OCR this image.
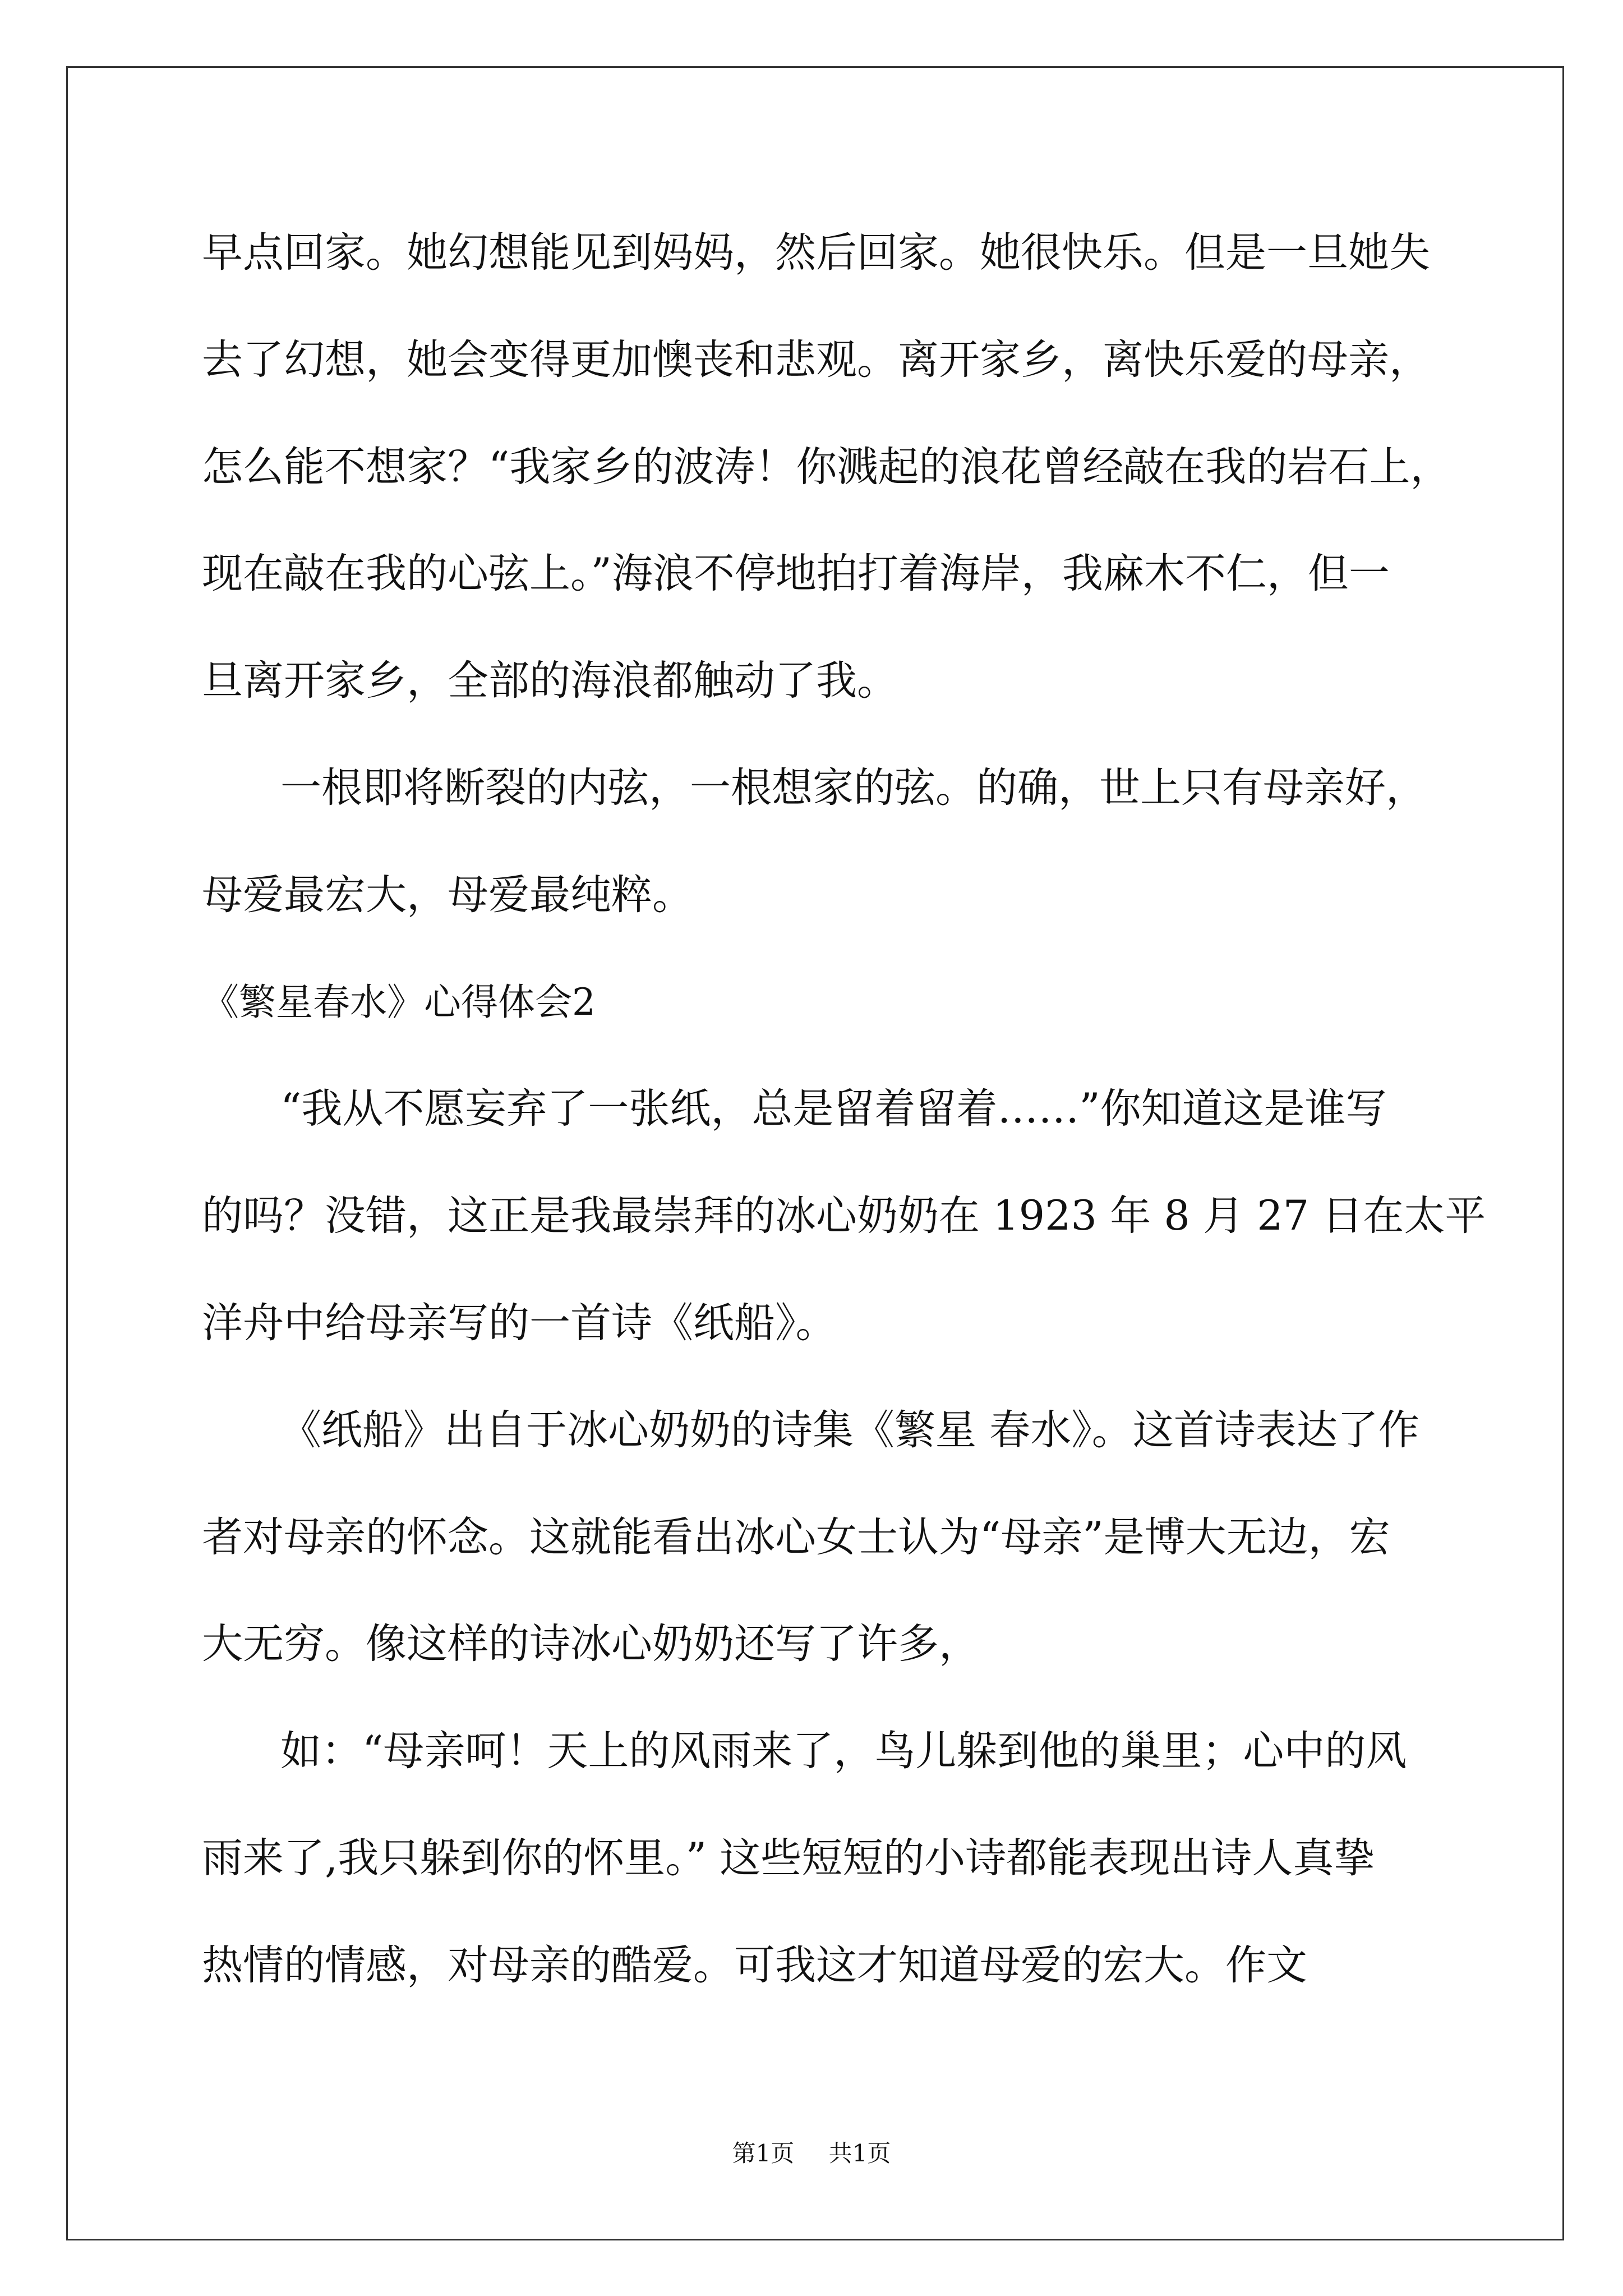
早点回家。她幻想能见到妈妈，然后回家。她很快乐。但是一旦她失
去了幻想，她会变得更加懊丧和悲观。离开家乡，离快乐爱的母亲，
怎么能不想家？“我家乡的波涛！你溅起的浪花曾经敲在我的岩石上，
现在敲在我的心弦上。”海浪不停地拍打着海岸，我麻木不仁，但一
旦离开家乡，全部的海浪都触动了我。
一根即将断裂的内弦，一根想家的弦。的确，世上只有母亲好，
母爱最宏大，母爱最纯粹。
《繁星春水》心得体会2
“我从不愿妄弃了一张纸，总是留着留着……”你知道这是谁写
的吗？没错，这正是我最崇拜的冰心奶奶在 1923 年 8 月 27 日在太平
洋舟中给母亲写的一首诗《纸船》。
《纸船》出自于冰心奶奶的诗集《繁星 春水》。这首诗表达了作
者对母亲的怀念。这就能看出冰心女士认为“母亲”是博大无边，宏
大无穷。像这样的诗冰心奶奶还写了许多，
如：“母亲呵！天上的风雨来了，鸟儿躲到他的巢里；心中的风
雨来了,我只躲到你的怀里。” 这些短短的小诗都能表现出诗人真挚
热情的情感，对母亲的酷爱。可我这才知道母爱的宏大。作文
第1页 共1页
